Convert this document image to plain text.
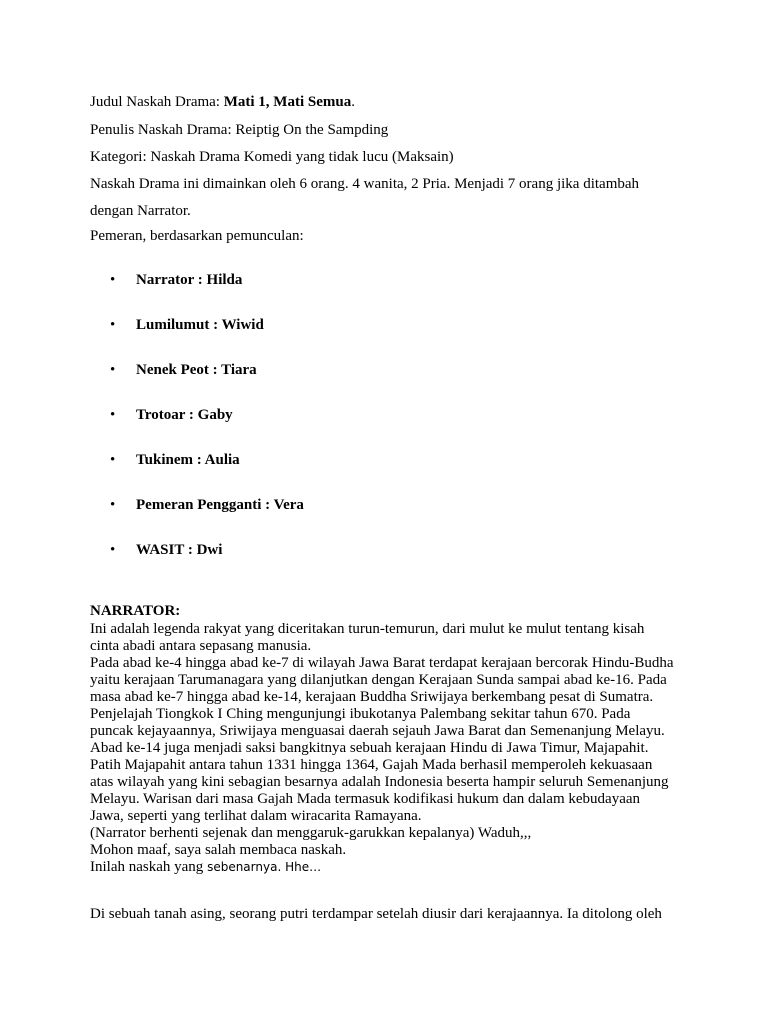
Judul Naskah Drama: Mati 1, Mati Semua.
Penulis Naskah Drama: Reiptig On the Sampding
Kategori: Naskah Drama Komedi yang tidak lucu (Maksain)
Naskah Drama ini dimainkan oleh 6 orang. 4 wanita, 2 Pria. Menjadi 7 orang jika ditambah
dengan Narrator.
Pemeran, berdasarkan pemunculan:
• Narrator : Hilda
• Lumilumut : Wiwid
• Nenek Peot : Tiara
• Trotoar : Gaby
• Tukinem : Aulia
• Pemeran Pengganti : Vera
• WASIT : Dwi
NARRATOR:
Ini adalah legenda rakyat yang diceritakan turun-temurun, dari mulut ke mulut tentang kisah
cinta abadi antara sepasang manusia.
Pada abad ke-4 hingga abad ke-7 di wilayah Jawa Barat terdapat kerajaan bercorak Hindu-Budha
yaitu kerajaan Tarumanagara yang dilanjutkan dengan Kerajaan Sunda sampai abad ke-16. Pada
masa abad ke-7 hingga abad ke-14, kerajaan Buddha Sriwijaya berkembang pesat di Sumatra.
Penjelajah Tiongkok I Ching mengunjungi ibukotanya Palembang sekitar tahun 670. Pada
puncak kejayaannya, Sriwijaya menguasai daerah sejauh Jawa Barat dan Semenanjung Melayu.
Abad ke-14 juga menjadi saksi bangkitnya sebuah kerajaan Hindu di Jawa Timur, Majapahit.
Patih Majapahit antara tahun 1331 hingga 1364, Gajah Mada berhasil memperoleh kekuasaan
atas wilayah yang kini sebagian besarnya adalah Indonesia beserta hampir seluruh Semenanjung
Melayu. Warisan dari masa Gajah Mada termasuk kodifikasi hukum dan dalam kebudayaan
Jawa, seperti yang terlihat dalam wiracarita Ramayana.
(Narrator berhenti sejenak dan menggaruk-garukkan kepalanya) Waduh,,,
Mohon maaf, saya salah membaca naskah.
Inilah naskah yang sebenarnya. Hhe…
Di sebuah tanah asing, seorang putri terdampar setelah diusir dari kerajaannya. Ia ditolong oleh
